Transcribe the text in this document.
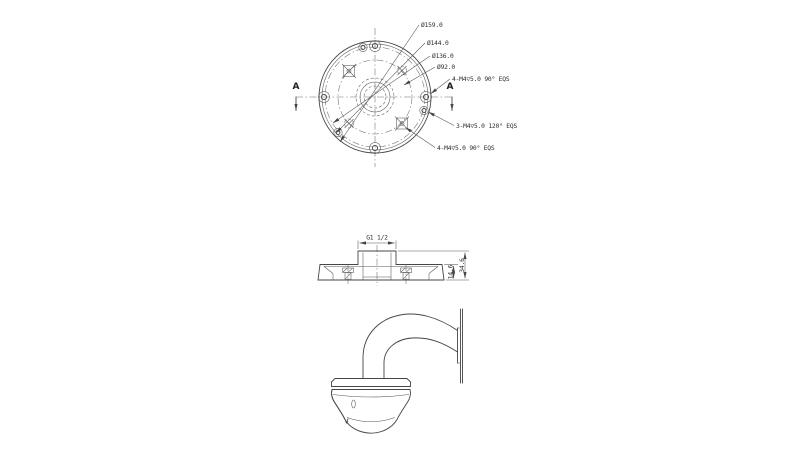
Ø159.0
Ø144.0
Ø136.0
Ø92.0
4-M4▽5.0 90° EQS
3-M4▽5.0 120° EQS
4-M4▽5.0 90° EQS
A	A
G1 1/2
14.6 34.6
